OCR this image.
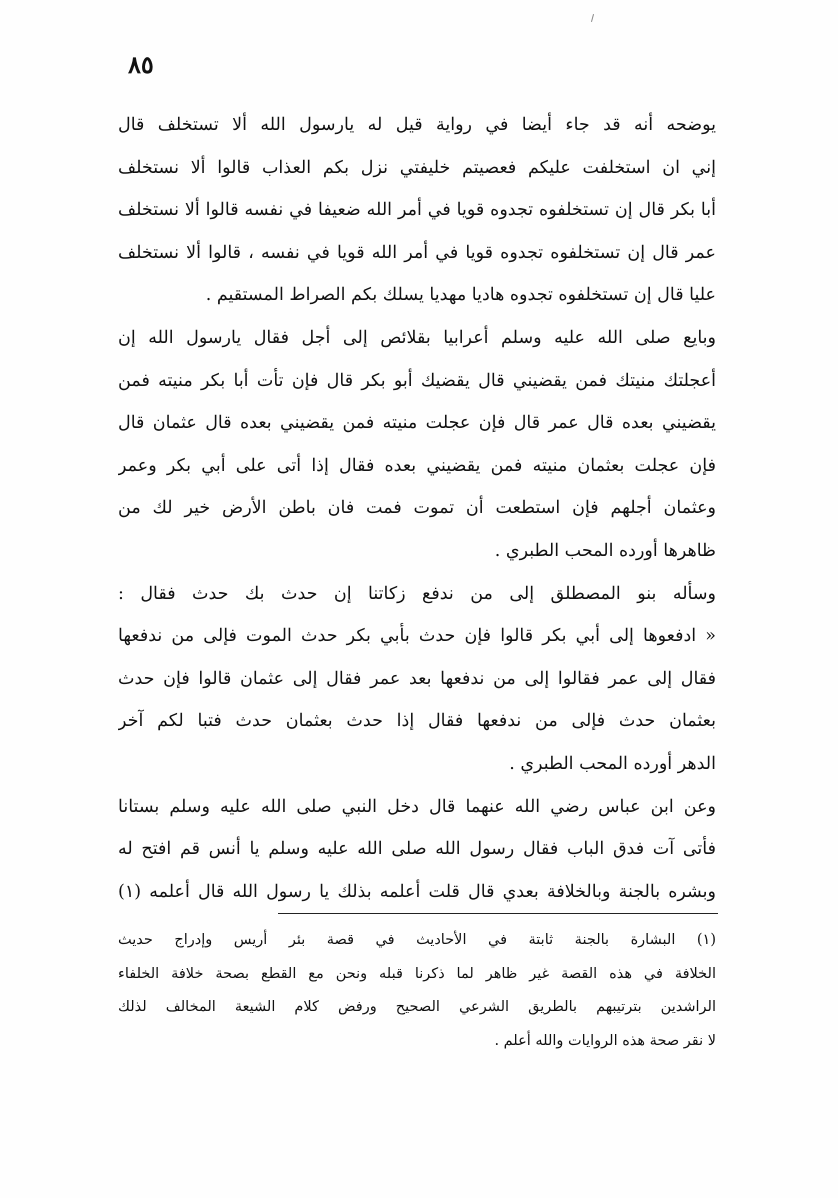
٨٥
يوضحه أنه قد جاء أيضا في رواية قيل له يارسول الله ألا تستخلف قال
إني ان استخلفت عليكم فعصيتم خليفتي نزل بكم العذاب قالوا ألا نستخلف
أبا بكر قال إن تستخلفوه تجدوه قويا في أمر الله ضعيفا في نفسه قالوا ألا نستخلف
عمر قال إن تستخلفوه تجدوه قويا في أمر الله قويا في نفسه ، قالوا ألا نستخلف
عليا قال إن تستخلفوه تجدوه هاديا مهديا يسلك بكم الصراط المستقيم .
وبايع صلى الله عليه وسلم أعرابيا بقلائص إلى أجل فقال يارسول الله إن
أعجلتك منيتك فمن يقضيني قال يقضيك أبو بكر قال فإن تأت أبا بكر منيته فمن
يقضيني بعده قال عمر قال فإن عجلت منيته فمن يقضيني بعده قال عثمان قال
فإن عجلت بعثمان منيته فمن يقضيني بعده فقال إذا أتى على أبي بكر وعمر
وعثمان أجلهم فإن استطعت أن تموت فمت فان باطن الأرض خير لك من
ظاهرها أورده المحب الطبري .
وسأله بنو المصطلق إلى من ندفع زكاتنا إن حدث بك حدث فقال :
« ادفعوها إلى أبي بكر قالوا فإن حدث بأبي بكر حدث الموت فإلى من ندفعها
فقال إلى عمر فقالوا إلى من ندفعها بعد عمر فقال إلى عثمان قالوا فإن حدث
بعثمان حدث فإلى من ندفعها فقال إذا حدث بعثمان حدث فتبا لكم آخر
الدهر أورده المحب الطبري .
وعن ابن عباس رضي الله عنهما قال دخل النبي صلى الله عليه وسلم بستانا
فأتى آت فدق الباب فقال رسول الله صلى الله عليه وسلم يا أنس قم افتح له
وبشره بالجنة وبالخلافة بعدي قال قلت أعلمه بذلك يا رسول الله قال أعلمه (١)
(١) البشارة بالجنة ثابتة في الأحاديث في قصة بئر أريس وإدراج حديث
الخلافة في هذه القصة غير ظاهر لما ذكرنا قبله ونحن مع القطع بصحة خلافة الخلفاء
الراشدين بترتيبهم بالطريق الشرعي الصحيح ورفض كلام الشيعة المخالف لذلك
لا نقر صحة هذه الروايات والله أعلم .
